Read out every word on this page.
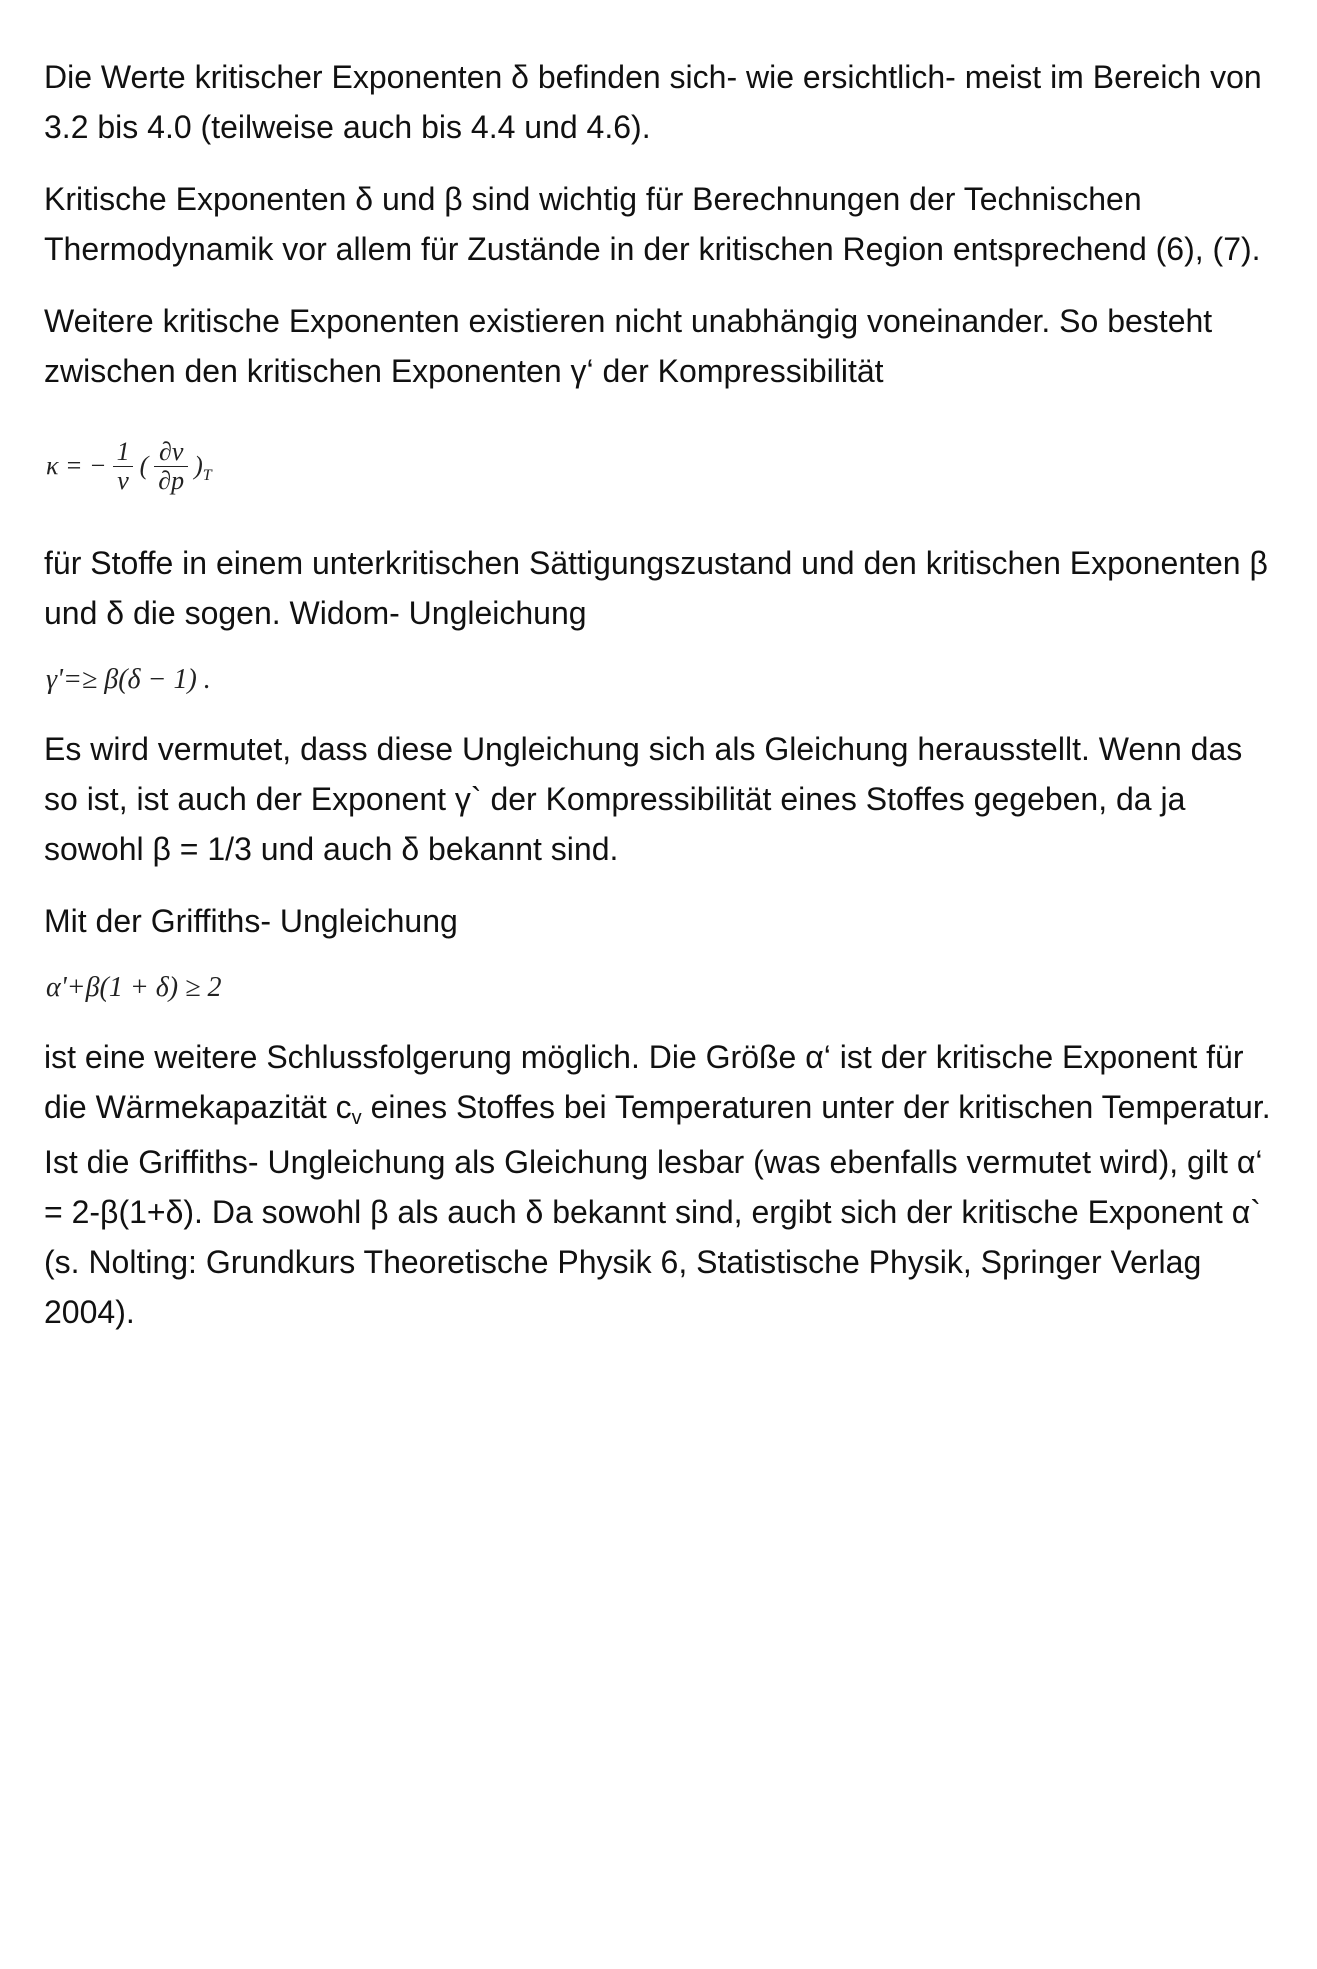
Die Werte kritischer Exponenten δ befinden sich- wie ersichtlich- meist im Bereich von 3.2 bis 4.0 (teilweise auch bis 4.4 und 4.6).

Kritische Exponenten δ und β sind wichtig für Berechnungen der Technischen Thermodynamik vor allem für Zustände in der kritischen Region entsprechend (6), (7).

Weitere kritische Exponenten existieren nicht unabhängig voneinander. So besteht zwischen den kritischen Exponenten γ‘ der Kompressibilität

κ = − $\frac{1}{v}$ ( $\frac{\partial v}{\partial p}$ ) T

für Stoffe in einem unterkritischen Sättigungszustand und den kritischen Exponenten β und δ die sogen. Widom- Ungleichung

γ'=≥ β(δ − 1) .

Es wird vermutet, dass diese Ungleichung sich als Gleichung herausstellt. Wenn das so ist, ist auch der Exponent γ` der Kompressibilität eines Stoffes gegeben, da ja sowohl β = 1/3 und auch δ bekannt sind.

Mit der Griffiths- Ungleichung

α'+β(1 + δ) ≥ 2

ist eine weitere Schlussfolgerung möglich. Die Größe α‘ ist der kritische Exponent für die Wärmekapazität cv eines Stoffes bei Temperaturen unter der kritischen Temperatur. Ist die Griffiths- Ungleichung als Gleichung lesbar (was ebenfalls vermutet wird), gilt α‘ = 2-β(1+δ). Da sowohl β als auch δ bekannt sind, ergibt sich der kritische Exponent α` (s. Nolting: Grundkurs Theoretische Physik 6, Statistische Physik, Springer Verlag 2004).
